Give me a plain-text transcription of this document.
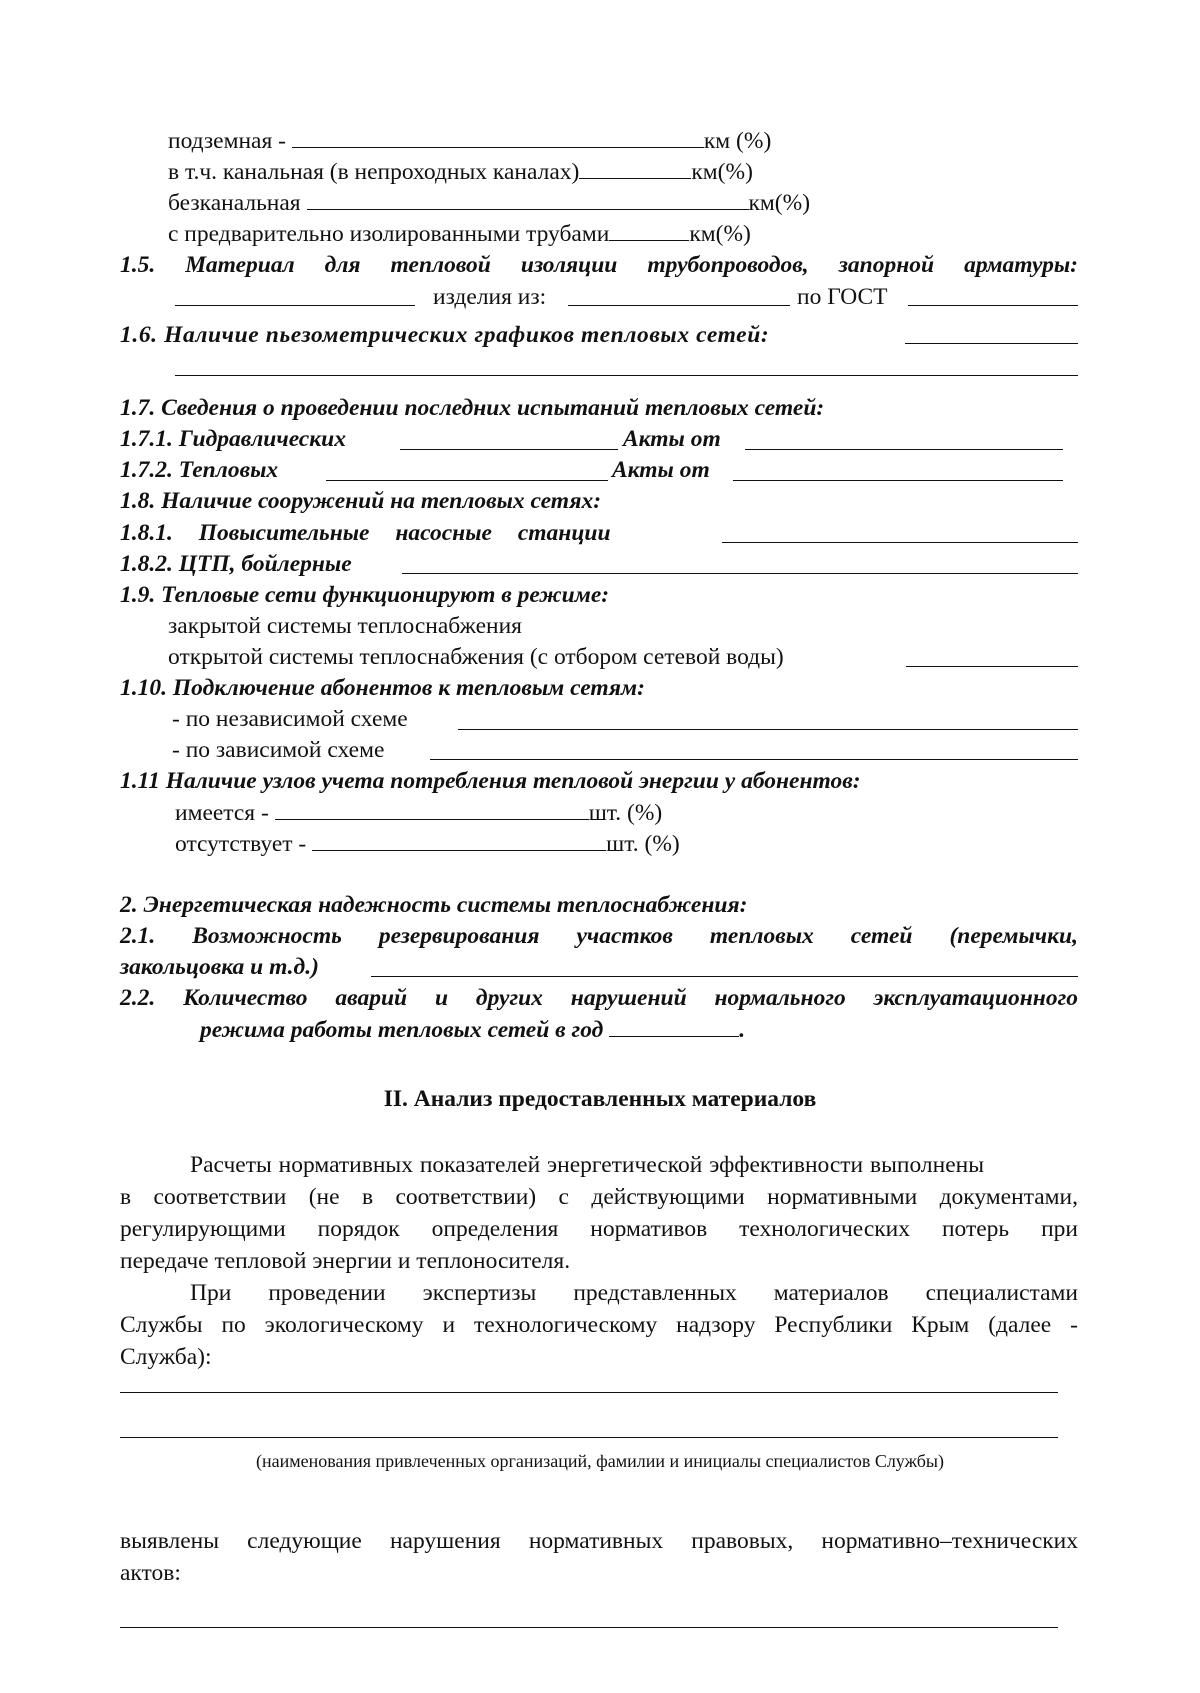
подземная -	км (%)
в т.ч. канальная (в непроходных каналах)	км(%)
безканальная	км(%)
с предварительно изолированными трубами	км(%)
1.5. Материал для тепловой изоляции трубопроводов, запорной арматуры:
изделия из:	по ГОСТ
1.6. Наличие пьезометрических графиков тепловых сетей:
1.7. Сведения о проведении последних испытаний тепловых сетей:
1.7.1. Гидравлических	Акты от
1.7.2. Тепловых	Акты от
1.8. Наличие сооружений на тепловых сетях:
1.8.1. Повысительные насосные станции
1.8.2. ЦТП, бойлерные
1.9. Тепловые сети функционируют в режиме:
закрытой системы теплоснабжения
открытой системы теплоснабжения (с отбором сетевой воды)
1.10. Подключение абонентов к тепловым сетям:
- по независимой схеме
- по зависимой схеме
1.11 Наличие узлов учета потребления тепловой энергии у абонентов:
имеется -	шт. (%)
отсутствует -	шт. (%)
2. Энергетическая надежность системы теплоснабжения:
2.1. Возможность резервирования участков тепловых сетей (перемычки,
закольцовка и т.д.)
2.2. Количество аварий и других нарушений нормального эксплуатационного
режима работы тепловых сетей в год	.
II. Анализ предоставленных материалов
Расчеты нормативных показателей энергетической эффективности выполнены
в соответствии (не в соответствии) с действующими нормативными документами,
регулирующими порядок определения нормативов технологических потерь при
передаче тепловой энергии и теплоносителя.
При проведении экспертизы представленных материалов специалистами
Службы по экологическому и технологическому надзору Республики Крым (далее -
Служба):
(наименования привлеченных организаций, фамилии и инициалы специалистов Службы)
выявлены следующие нарушения нормативных правовых, нормативно–технических
актов:
